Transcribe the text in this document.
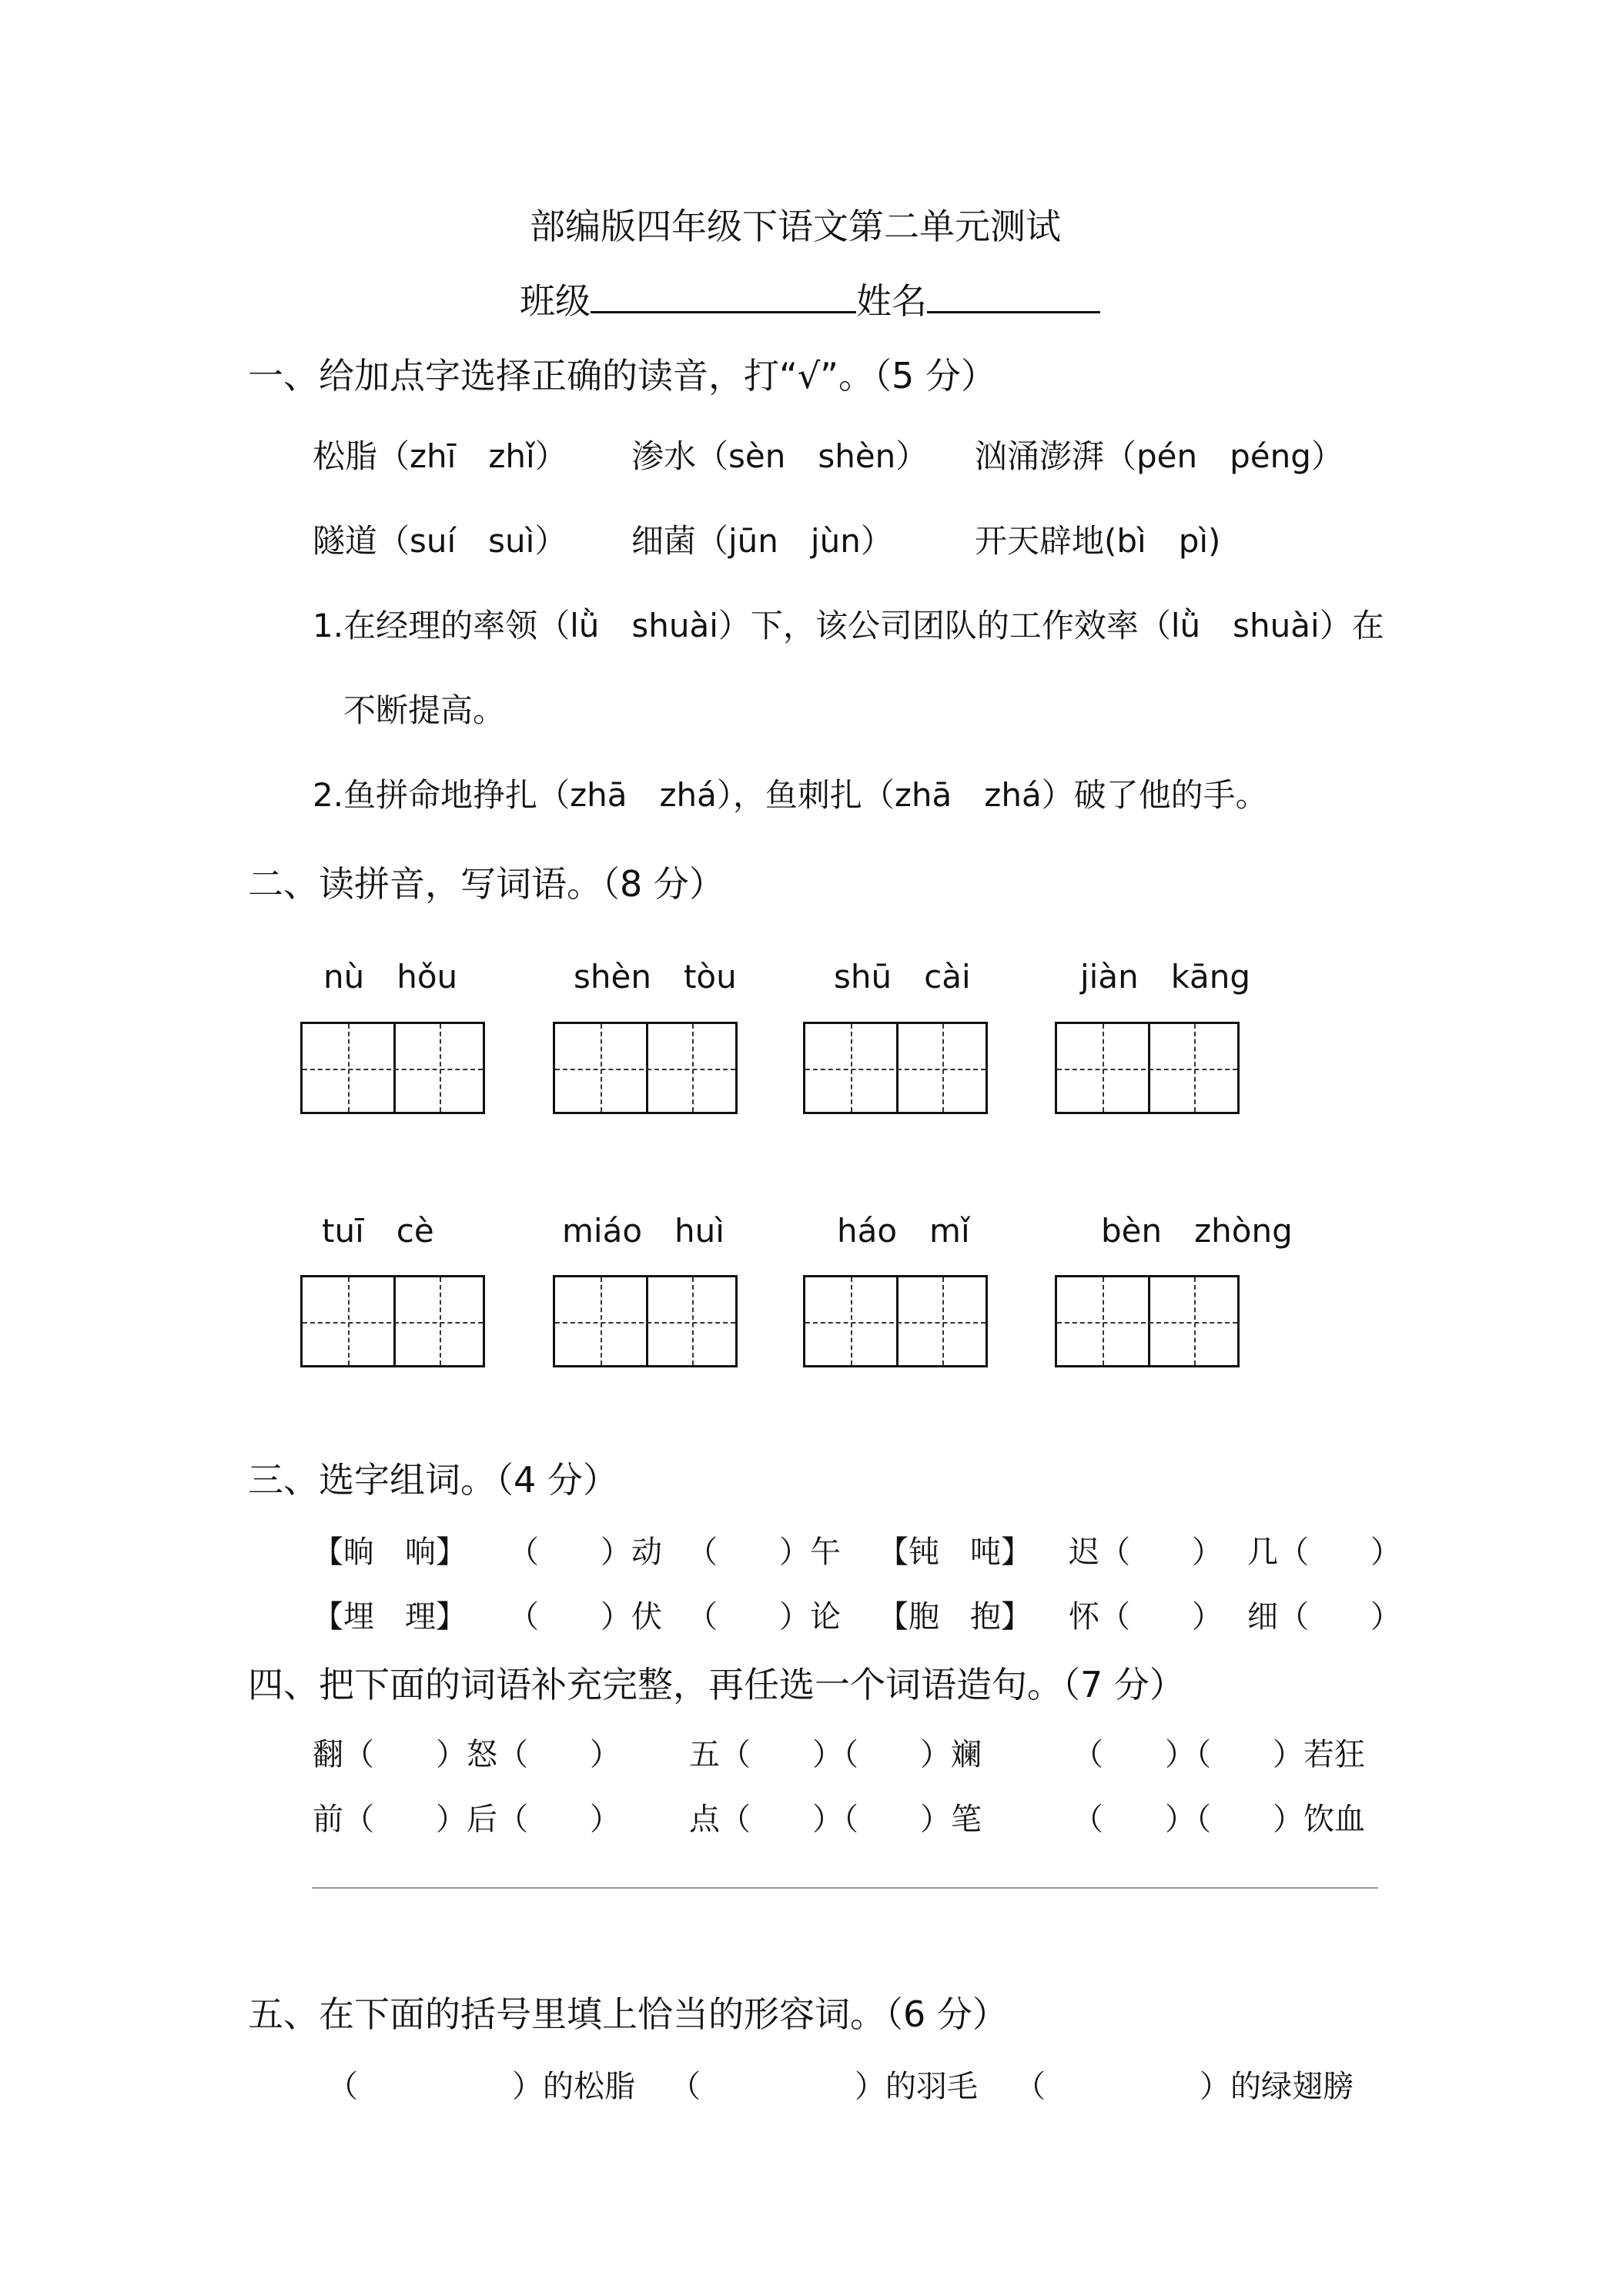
部编版四年级下语文第二单元测试
班级	姓名
一、给加点字选择正确的读音，打“√”。（5 分）
松脂（zhī　zhǐ） 渗水（sèn　shèn） 汹涌澎湃（pén　péng）
隧道（suí　suì） 细菌（jūn　jùn）	开天辟地(bì　pì)
1.在经理的率领（lǜ　shuài）下，该公司团队的工作效率（lǜ　shuài）在
不断提高。
2.鱼拼命地挣扎（zhā　zhá），鱼刺扎（zhā　zhá）破了他的手。
二、读拼音，写词语。（8 分）
nù　hǒu	shèn　tòu	shū　cài	jiàn　kāng
tuī　cè	miáo　huì	háo　mǐ	bèn　zhòng
三、选字组词。（4 分）
【晌　响】 （　　）动 （　　）午 【钝　吨】 迟（　　） 几（　　）
【埋　理】 （　　）伏 （　　）论 【胞　抱】 怀（　　） 细（　　）
四、把下面的词语补充完整，再任选一个词语造句。（7 分）
翻（　　）怒（　　） 五（　　）（　　）斓	（　　）（　　）若狂
前（　　）后（　　） 点（　　）（　　）笔	（　　）（　　）饮血
五、在下面的括号里填上恰当的形容词。（6 分）
（　　　　　）的松脂 （　　　　　）的羽毛 （　　　　　）的绿翅膀
